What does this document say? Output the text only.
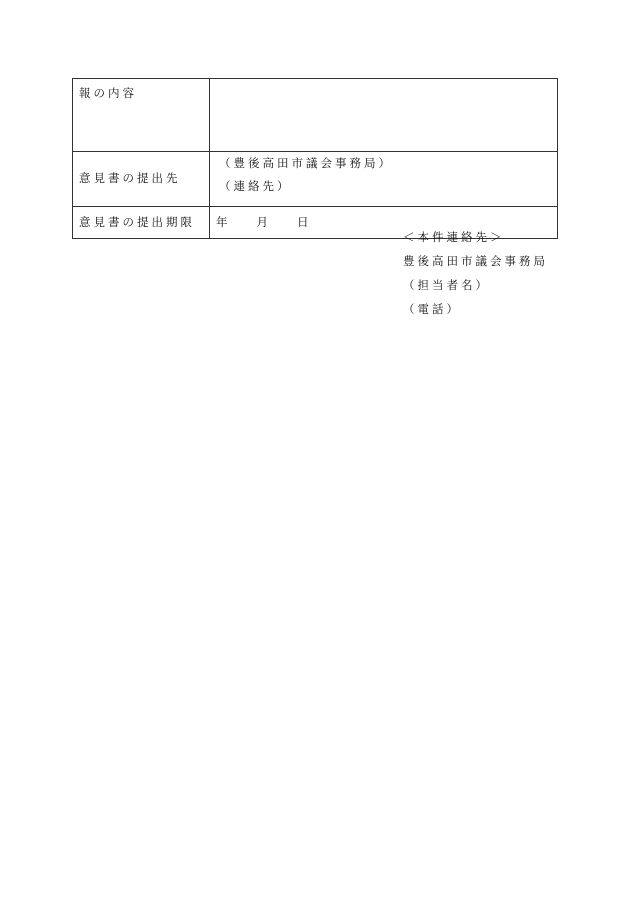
報の内容	
意見書の提出先	（豊後高田市議会事務局）
（連絡先）

意見書の提出期限	年 月 日
＜本件連絡先＞
豊後高田市議会事務局
（担当者名）
（電話）
